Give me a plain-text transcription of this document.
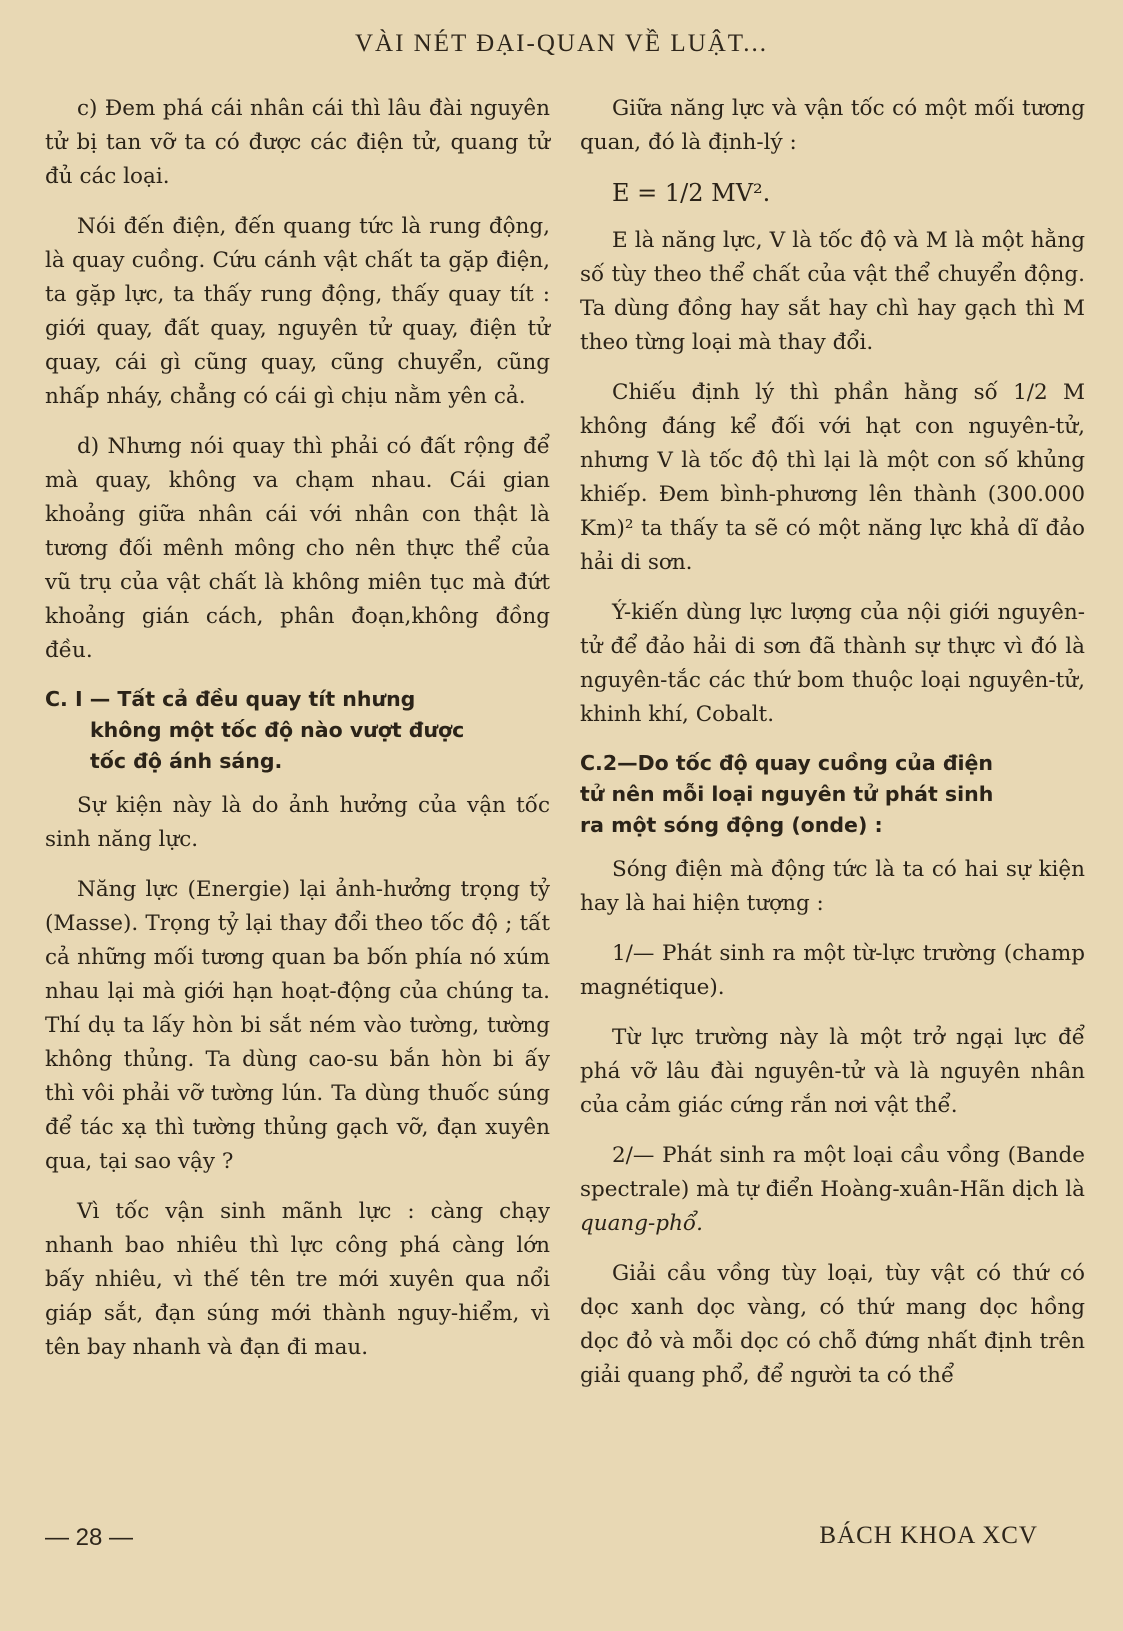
VÀI NÉT ĐẠI-QUAN VỀ LUẬT...

c) Đem phá cái nhân cái thì lâu đài nguyên tử bị tan vỡ ta có được các điện tử, quang tử đủ các loại.

Nói đến điện, đến quang tức là rung động, là quay cuồng. Cứu cánh vật chất ta gặp điện, ta gặp lực, ta thấy rung động, thấy quay tít : giới quay, đất quay, nguyên tử quay, điện tử quay, cái gì cũng quay, cũng chuyển, cũng nhấp nháy, chẳng có cái gì chịu nằm yên cả.

d) Nhưng nói quay thì phải có đất rộng để mà quay, không va chạm nhau. Cái gian khoảng giữa nhân cái với nhân con thật là tương đối mênh mông cho nên thực thể của vũ trụ của vật chất là không miên tục mà đứt khoảng gián cách, phân đoạn,không đồng đều.

C. I — Tất cả đều quay tít nhưng
không một tốc độ nào vượt được
tốc độ ánh sáng.

Sự kiện này là do ảnh hưởng của vận tốc sinh năng lực.

Năng lực (Energie) lại ảnh-hưởng trọng tỷ (Masse). Trọng tỷ lại thay đổi theo tốc độ ; tất cả những mối tương quan ba bốn phía nó xúm nhau lại mà giới hạn hoạt-động của chúng ta. Thí dụ ta lấy hòn bi sắt ném vào tường, tường không thủng. Ta dùng cao-su bắn hòn bi ấy thì vôi phải vỡ tường lún. Ta dùng thuốc súng để tác xạ thì tường thủng gạch vỡ, đạn xuyên qua, tại sao vậy ?

Vì tốc vận sinh mãnh lực : càng chạy nhanh bao nhiêu thì lực công phá càng lớn bấy nhiêu, vì thế tên tre mới xuyên qua nổi giáp sắt, đạn súng mới thành nguy-hiểm, vì tên bay nhanh và đạn đi mau.

Giữa năng lực và vận tốc có một mối tương quan, đó là định-lý :

E = 1/2 MV².

E là năng lực, V là tốc độ và M là một hằng số tùy theo thể chất của vật thể chuyển động. Ta dùng đồng hay sắt hay chì hay gạch thì M theo từng loại mà thay đổi.

Chiếu định lý thì phần hằng số 1/2 M không đáng kể đối với hạt con nguyên-tử, nhưng V là tốc độ thì lại là một con số khủng khiếp. Đem bình-phương lên thành (300.000 Km)² ta thấy ta sẽ có một năng lực khả dĩ đảo hải di sơn.

Ý-kiến dùng lực lượng của nội giới nguyên-tử để đảo hải di sơn đã thành sự thực vì đó là nguyên-tắc các thứ bom thuộc loại nguyên-tử, khinh khí, Cobalt.

C.2—Do tốc độ quay cuồng của điện
tử nên mỗi loại nguyên tử phát sinh
ra một sóng động (onde) :

Sóng điện mà động tức là ta có hai sự kiện hay là hai hiện tượng :

1/— Phát sinh ra một từ-lực trường (champ magnétique).

Từ lực trường này là một trở ngại lực để phá vỡ lâu đài nguyên-tử và là nguyên nhân của cảm giác cứng rắn nơi vật thể.

2/— Phát sinh ra một loại cầu vồng (Bande spectrale) mà tự điển Hoàng-xuân-Hãn dịch là quang-phổ.

Giải cầu vồng tùy loại, tùy vật có thứ có dọc xanh dọc vàng, có thứ mang dọc hồng dọc đỏ và mỗi dọc có chỗ đứng nhất định trên giải quang phổ, để người ta có thể

— 28 —	BÁCH KHOA XCV
